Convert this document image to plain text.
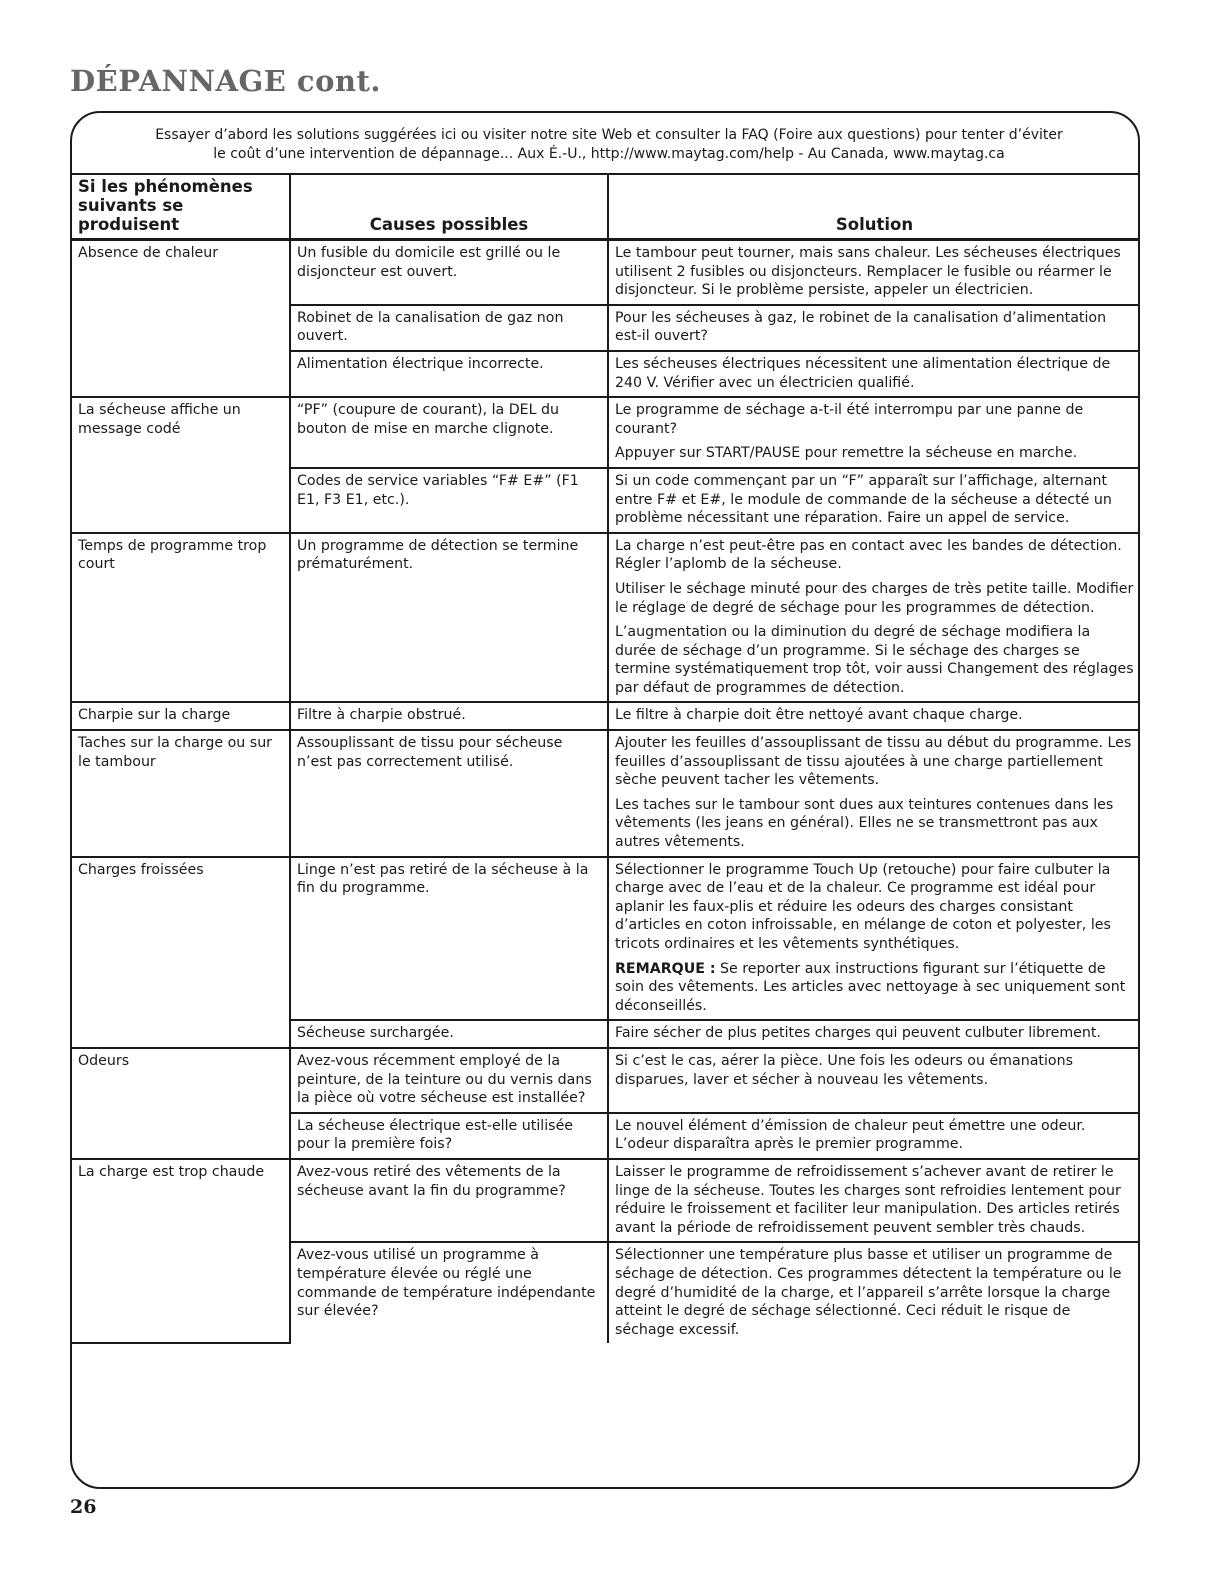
DÉPANNAGE cont.
Essayer d’abord les solutions suggérées ici ou visiter notre site Web et consulter la FAQ (Foire aux questions) pour tenter d’éviter
le coût d’une intervention de dépannage... Aux É.-U., http://www.maytag.com/help - Au Canada, www.maytag.ca
Si les phénomènes suivants se produisent	Causes possibles	Solution
Absence de chaleur	Un fusible du domicile est grillé ou le disjoncteur est ouvert.	Le tambour peut tourner, mais sans chaleur. Les sécheuses électriques utilisent 2 fusibles ou disjoncteurs. Remplacer le fusible ou réarmer le disjoncteur. Si le problème persiste, appeler un électricien.

	Robinet de la canalisation de gaz non ouvert.	Pour les sécheuses à gaz, le robinet de la canalisation d’alimentation est-il ouvert?

	Alimentation électrique incorrecte.	Les sécheuses électriques nécessitent une alimentation électrique de 240 V. Vérifier avec un électricien qualifié.

La sécheuse affiche un message codé	“PF” (coupure de courant), la DEL du bouton de mise en marche clignote.	Le programme de séchage a-t-il été interrompu par une panne de courant?

Appuyer sur START/PAUSE pour remettre la sécheuse en marche.

	Codes de service variables “F# E#” (F1 E1, F3 E1, etc.).	Si un code commençant par un “F” apparaît sur l’affichage, alternant entre F# et E#, le module de commande de la sécheuse a détecté un problème nécessitant une réparation. Faire un appel de service.

Temps de programme trop court	Un programme de détection se termine prématurément.	La charge n’est peut-être pas en contact avec les bandes de détection. Régler l’aplomb de la sécheuse.

Utiliser le séchage minuté pour des charges de très petite taille. Modifier le réglage de degré de séchage pour les programmes de détection.

L’augmentation ou la diminution du degré de séchage modifiera la durée de séchage d’un programme. Si le séchage des charges se termine systématiquement trop tôt, voir aussi Changement des réglages par défaut de programmes de détection.

Charpie sur la charge	Filtre à charpie obstrué.	Le filtre à charpie doit être nettoyé avant chaque charge.

Taches sur la charge ou sur le tambour	Assouplissant de tissu pour sécheuse n’est pas correctement utilisé.	Ajouter les feuilles d’assouplissant de tissu au début du programme. Les feuilles d’assouplissant de tissu ajoutées à une charge partiellement sèche peuvent tacher les vêtements.

Les taches sur le tambour sont dues aux teintures contenues dans les vêtements (les jeans en général). Elles ne se transmettront pas aux autres vêtements.

Charges froissées	Linge n’est pas retiré de la sécheuse à la fin du programme.	Sélectionner le programme Touch Up (retouche) pour faire culbuter la charge avec de l’eau et de la chaleur. Ce programme est idéal pour aplanir les faux-plis et réduire les odeurs des charges consistant d’articles en coton infroissable, en mélange de coton et polyester, les tricots ordinaires et les vêtements synthétiques.

REMARQUE : Se reporter aux instructions figurant sur l’étiquette de soin des vêtements. Les articles avec nettoyage à sec uniquement sont déconseillés.

	Sécheuse surchargée.	Faire sécher de plus petites charges qui peuvent culbuter librement.

Odeurs	Avez-vous récemment employé de la peinture, de la teinture ou du vernis dans la pièce où votre sécheuse est installée?	Si c’est le cas, aérer la pièce. Une fois les odeurs ou émanations disparues, laver et sécher à nouveau les vêtements.

	La sécheuse électrique est-elle utilisée pour la première fois?	Le nouvel élément d’émission de chaleur peut émettre une odeur. L’odeur disparaîtra après le premier programme.

La charge est trop chaude	Avez-vous retiré des vêtements de la sécheuse avant la fin du programme?	Laisser le programme de refroidissement s’achever avant de retirer le linge de la sécheuse. Toutes les charges sont refroidies lentement pour réduire le froissement et faciliter leur manipulation. Des articles retirés avant la période de refroidissement peuvent sembler très chauds.

	Avez-vous utilisé un programme à température élevée ou réglé une commande de température indépendante sur élevée?	Sélectionner une température plus basse et utiliser un programme de séchage de détection. Ces programmes détectent la température ou le degré d’humidité de la charge, et l’appareil s’arrête lorsque la charge atteint le degré de séchage sélectionné. Ceci réduit le risque de séchage excessif.

26
